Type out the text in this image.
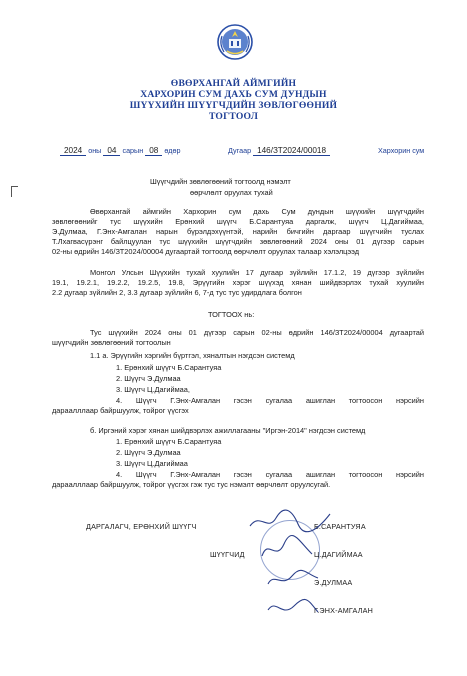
ӨВӨРХАНГАЙ АЙМГИЙН
ХАРХОРИН СУМ ДАХЬ СУМ ДУНДЫН
ШҮҮХИЙН ШҮҮГЧДИЙН ЗӨВЛӨГӨӨНИЙ
ТОГТООЛ
2024 оны 04 сарын 08 өдөр	Дугаар 146/ЗТ2024/00018	Хархорин сум
Шүүгчдийн зөвлөгөөний тогтоолд нэмэлт
өөрчлөлт оруулах тухай
Өвөрхангай аймгийн Хархорин сум дахь Сум дундын шүүхийн шүүгчдийн
зөвлөгөөнийг тус шүүхийн Ерөнхий шүүгч Б.Сарантуяа даргалж, шүүгч Ц.Дагиймаа,
Э.Дулмаа, Г.Энх-Амгалан нарын бүрэлдэхүүнтэй, нарийн бичгийн даргаар шүүгчийн туслах
Т.Лхагвасүрэнг байлцуулан тус шүүхийн шүүгчдийн зөвлөгөөний 2024 оны 01 дүгээр сарын
02-ны өдрийн 146/ЗТ2024/00004 дугаартай тогтоолд өөрчлөлт оруулах талаар хэлэлцээд
Монгол Улсын Шүүхийн тухай хуулийн 17 дугаар зүйлийн 17.1.2, 19 дүгээр зүйлийн
19.1, 19.2.1, 19.2.2, 19.2.5, 19.8, Эрүүгийн хэрэг шүүхэд хянан шийдвэрлэх тухай хуулийн
2.2 дугаар зүйлийн 2, 3.3 дугаар зүйлийн 6, 7-д тус тус удирдлага болгон
ТОГТООХ нь:
Тус шүүхийн 2024 оны 01 дүгээр сарын 02-ны өдрийн 146/ЗТ2024/00004 дугаартай
шүүгчдийн зөвлөгөөний тогтоолын
1.1 а. Эрүүгийн хэргийн бүртгэл, хяналтын нэгдсэн системд
1. Ерөнхий шүүгч Б.Сарантуяа
2. Шүүгч Э.Дулмаа
3. Шүүгч Ц.Дагиймаа,
4. Шүүгч Г.Энх-Амгалан гэсэн сугалаа ашиглан тогтоосон нэрсийн
дараалллаар байршуулж, тойрог үүсгэх
б. Иргэний хэрэг хянан шийдвэрлэх ажиллагааны "Иргэн-2014" нэгдсэн системд
1. Ерөнхий шүүгч Б.Сарантуяа
2. Шүүгч Э.Дулмаа
3. Шүүгч Ц.Дагиймаа
4. Шүүгч Г.Энх-Амгалан гэсэн сугалаа ашиглан тогтоосон нэрсийн
дараалллаар байршуулж, тойрог үүсгэх гэж тус тус нэмэлт өөрчлөлт оруулсугай.
ДАРГАЛАГЧ, ЕРӨНХИЙ ШҮҮГЧ	Б.САРАНТУЯА
ШҮҮГЧИД	Ц.ДАГИЙМАА
Э.ДУЛМАА
Г.ЭНХ-АМГАЛАН
